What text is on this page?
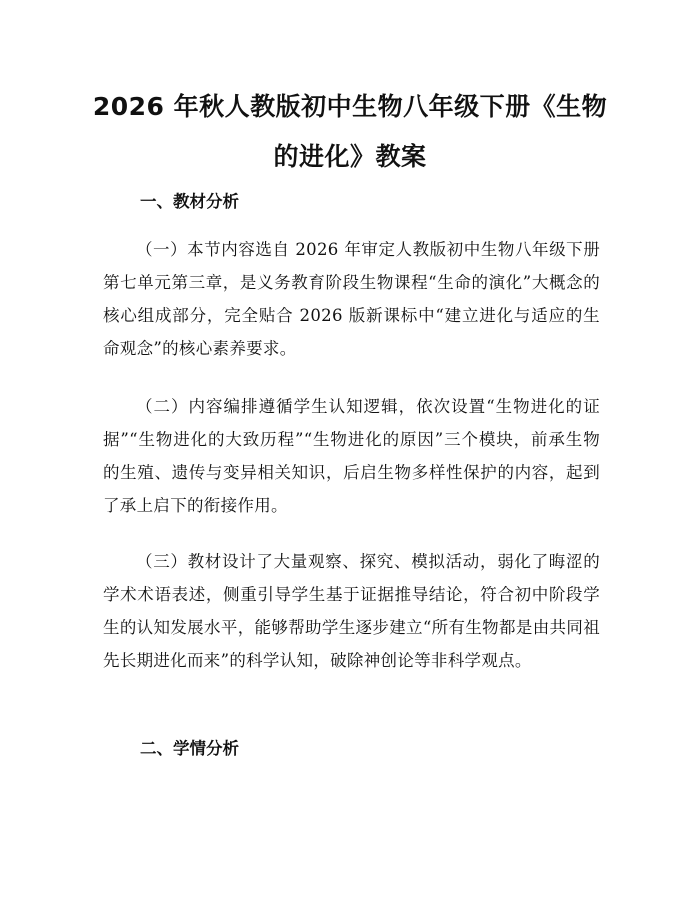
2026 年秋人教版初中生物八年级下册《生物的进化》教案
一、教材分析

（一）本节内容选自 2026 年审定人教版初中生物八年级下册第七单元第三章，是义务教育阶段生物课程“生命的演化”大概念的核心组成部分，完全贴合 2026 版新课标中“建立进化与适应的生命观念”的核心素养要求。

（二）内容编排遵循学生认知逻辑，依次设置“生物进化的证据”“生物进化的大致历程”“生物进化的原因”三个模块，前承生物的生殖、遗传与变异相关知识，后启生物多样性保护的内容，起到了承上启下的衔接作用。

（三）教材设计了大量观察、探究、模拟活动，弱化了晦涩的学术术语表述，侧重引导学生基于证据推导结论，符合初中阶段学生的认知发展水平，能够帮助学生逐步建立“所有生物都是由共同祖先长期进化而来”的科学认知，破除神创论等非科学观点。

二、学情分析
